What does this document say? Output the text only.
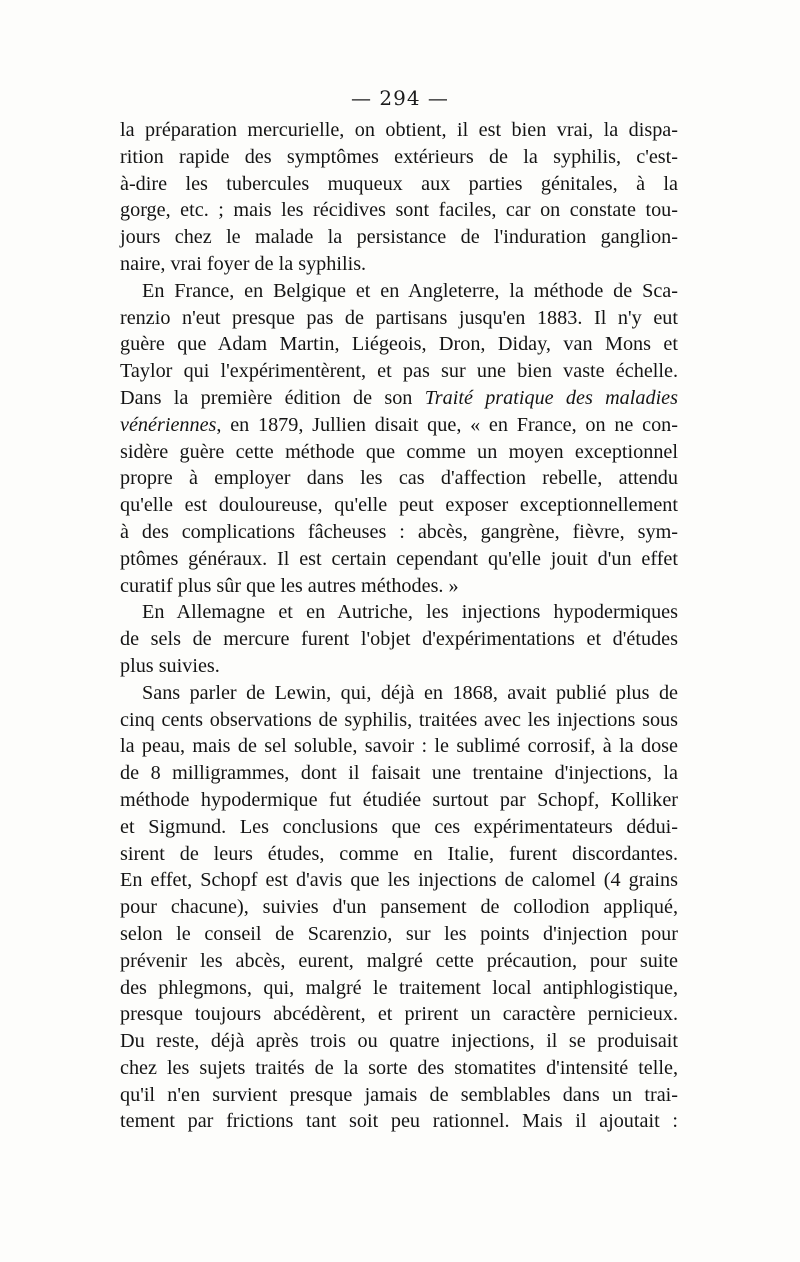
— 294 —
la préparation mercurielle, on obtient, il est bien vrai, la dispa-
rition rapide des symptômes extérieurs de la syphilis, c'est-
à-dire les tubercules muqueux aux parties génitales, à la
gorge, etc. ; mais les récidives sont faciles, car on constate tou-
jours chez le malade la persistance de l'induration ganglion-
naire, vrai foyer de la syphilis.
En France, en Belgique et en Angleterre, la méthode de Sca-
renzio n'eut presque pas de partisans jusqu'en 1883. Il n'y eut
guère que Adam Martin, Liégeois, Dron, Diday, van Mons et
Taylor qui l'expérimentèrent, et pas sur une bien vaste échelle.
Dans la première édition de son Traité pratique des maladies
vénériennes, en 1879, Jullien disait que, « en France, on ne con-
sidère guère cette méthode que comme un moyen exceptionnel
propre à employer dans les cas d'affection rebelle, attendu
qu'elle est douloureuse, qu'elle peut exposer exceptionnellement
à des complications fâcheuses : abcès, gangrène, fièvre, sym-
ptômes généraux. Il est certain cependant qu'elle jouit d'un effet
curatif plus sûr que les autres méthodes. »
En Allemagne et en Autriche, les injections hypodermiques
de sels de mercure furent l'objet d'expérimentations et d'études
plus suivies.
Sans parler de Lewin, qui, déjà en 1868, avait publié plus de
cinq cents observations de syphilis, traitées avec les injections sous
la peau, mais de sel soluble, savoir : le sublimé corrosif, à la dose
de 8 milligrammes, dont il faisait une trentaine d'injections, la
méthode hypodermique fut étudiée surtout par Schopf, Kolliker
et Sigmund. Les conclusions que ces expérimentateurs dédui-
sirent de leurs études, comme en Italie, furent discordantes.
En effet, Schopf est d'avis que les injections de calomel (4 grains
pour chacune), suivies d'un pansement de collodion appliqué,
selon le conseil de Scarenzio, sur les points d'injection pour
prévenir les abcès, eurent, malgré cette précaution, pour suite
des phlegmons, qui, malgré le traitement local antiphlogistique,
presque toujours abcédèrent, et prirent un caractère pernicieux.
Du reste, déjà après trois ou quatre injections, il se produisait
chez les sujets traités de la sorte des stomatites d'intensité telle,
qu'il n'en survient presque jamais de semblables dans un trai-
tement par frictions tant soit peu rationnel. Mais il ajoutait :
